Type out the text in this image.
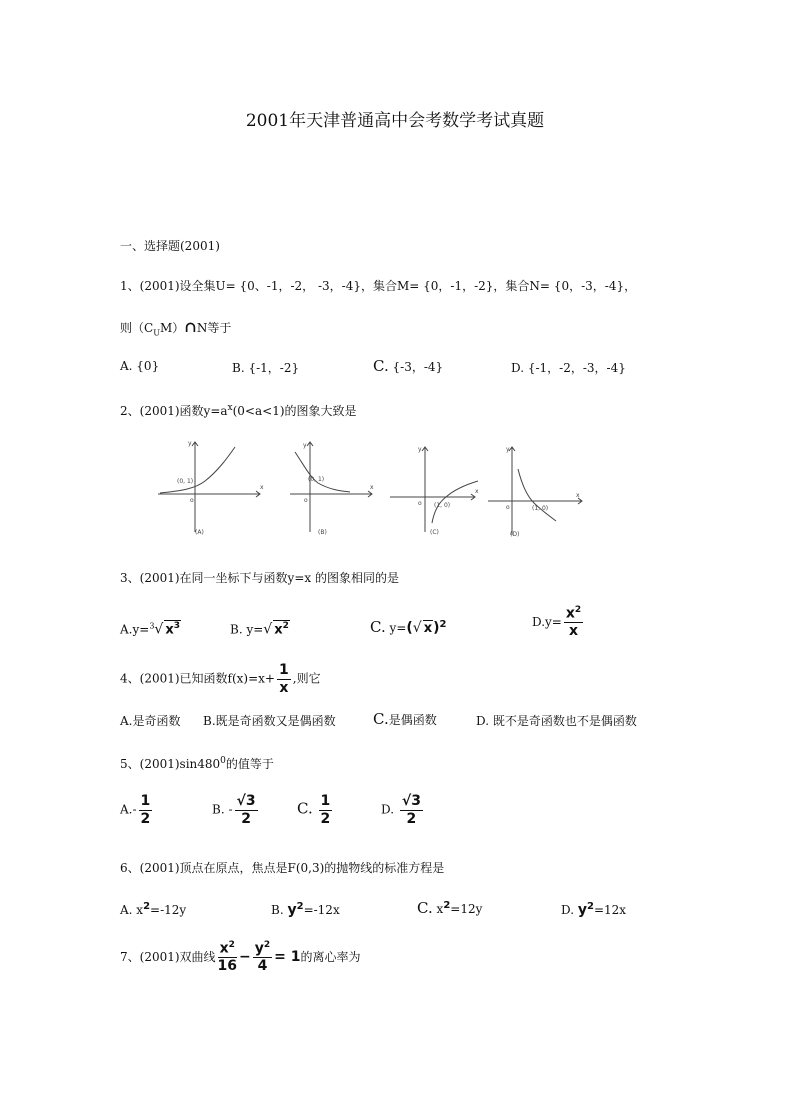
2001年天津普通高中会考数学考试真题
一、选择题(2001)
1、(2001)设全集U= {0、-1，-2， -3，-4}，集合M= {0，-1，-2}，集合N= {0，-3，-4}，
则$(C_UM)\cap N$等于
A. {0}	B. {-1，-2}	C. {-3，-4}	D. {-1，-2，-3，-4}
2、(2001)函数$y=a^x(0<a<1)$的图象大致是
y
x
(0, 1)
o
(A)
y
x
(0, 1)
o
(B)
y
x
(1, 0)
o
(C)
y
x
(1, 0)
o
(D)
3、(2001)在同一坐标下与函数y=x 的图象相同的是
A.y=$^3$√ $x^3$	B. y=√ $x^2$	C. y=(√ x)$^2$	$D.y= \frac{x^2}{x}$
4、(2001)已知函数$f(x)=x+ \frac{1}{x}$ ,则它
A.是奇函数 B.既是奇函数又是偶函数 C.是偶函数	D. 既不是奇函数也不是偶函数
5、$(2001)\sin 480^0$的值等于
$A.- \frac{1}{2}$	B. - $\frac{√3}{2}$	C. $\frac{1}{2}$	D. $\frac{√3}{2}$
6、(2001)顶点在原点，焦点是F(0,3)的抛物线的标准方程是
A. $x^2=-12y$	B. $y^2=-12x$	C. $x^2=12y$	D. $y^2=12x$
7、(2001)双曲线 $\frac{x^2}{16} - \frac{y^2}{4} = 1$的离心率为
